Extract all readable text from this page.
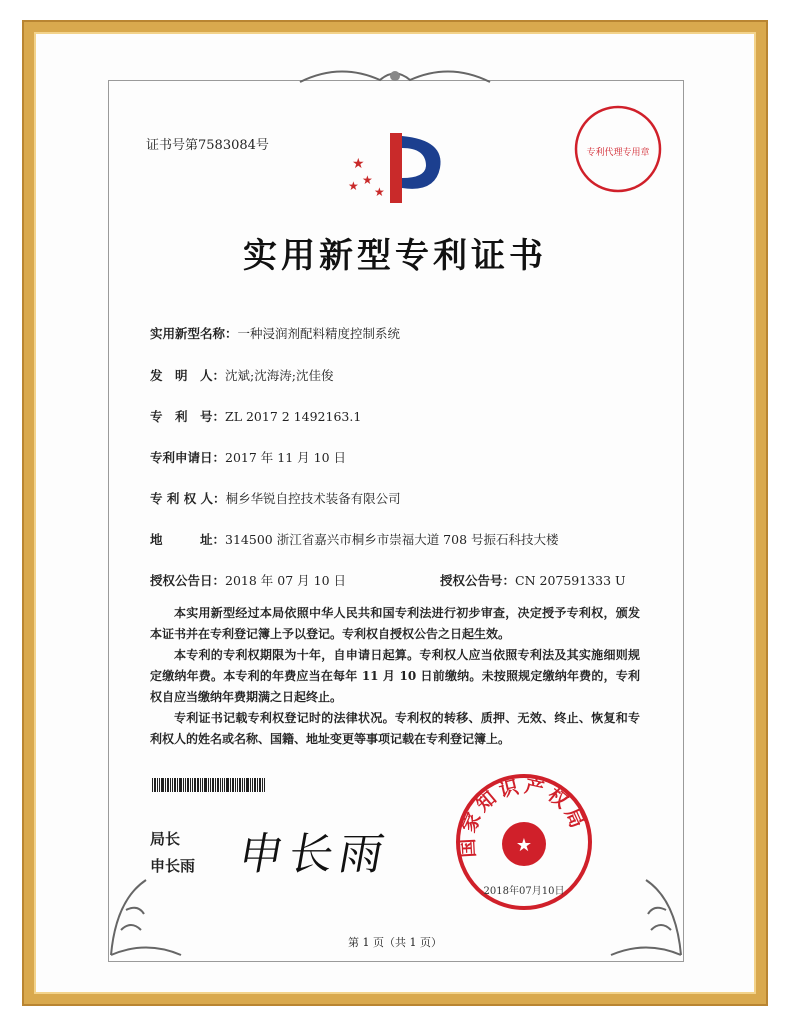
证书号第7583084号
★
★
★ ★
专利代理专用章
实用新型专利证书
实用新型名称：一种浸润剂配料精度控制系统
发　明　人：沈斌;沈海涛;沈佳俊
专　利　号：ZL 2017 2 1492163.1
专利申请日：2017 年 11 月 10 日
专 利 权 人：桐乡华锐自控技术装备有限公司
地　　　址：314500 浙江省嘉兴市桐乡市崇福大道 708 号振石科技大楼
授权公告日：2018 年 07 月 10 日	授权公告号：CN 207591333 U
本实用新型经过本局依照中华人民共和国专利法进行初步审查，决定授予专利权，颁发本证书并在专利登记簿上予以登记。专利权自授权公告之日起生效。
本专利的专利权期限为十年，自申请日起算。专利权人应当依照专利法及其实施细则规定缴纳年费。本专利的年费应当在每年 11 月 10 日前缴纳。未按照规定缴纳年费的，专利权自应当缴纳年费期满之日起终止。
专利证书记载专利权登记时的法律状况。专利权的转移、质押、无效、终止、恢复和专利权人的姓名或名称、国籍、地址变更等事项记载在专利登记簿上。
局长
申长雨 申长雨	国家知识产权局
★
2018年07月10日
第 1 页（共 1 页）
